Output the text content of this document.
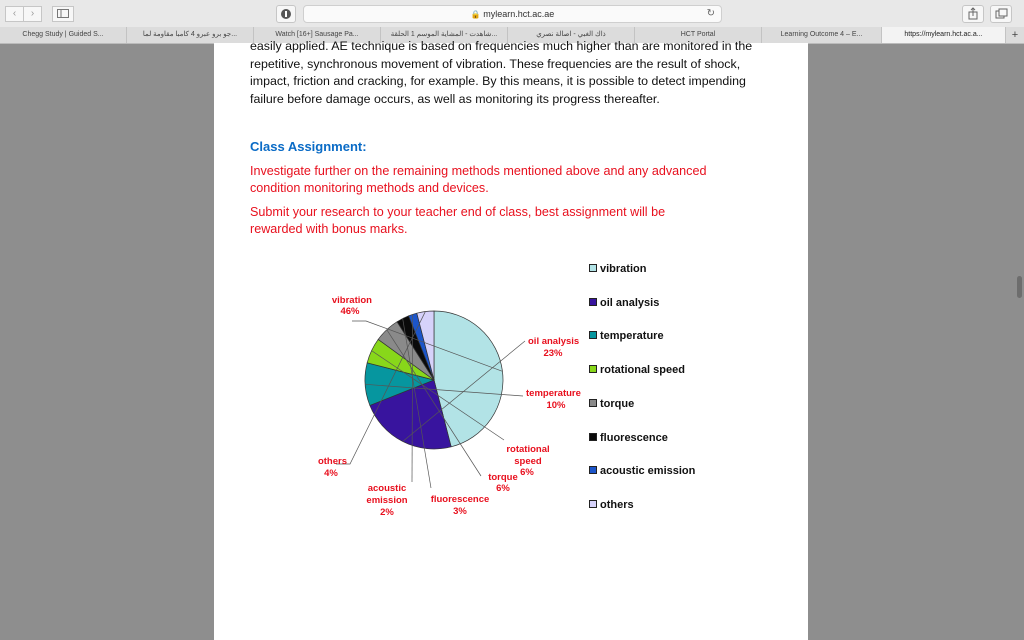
‹	›	🔒 mylearn.hct.ac.ae	↻
Chegg Study | Guided S...	جو برو عبرو 4 كامبا مقاومة لما...	Watch [16+] Sausage Pa...	شاهدت - المشاية الموسم 1 الحلقة...	ذاك الغبي - اصالة نصري	HCT Portal	Learning Outcome 4 – E...	https://mylearn.hct.ac.a...	+
easily applied. AE technique is based on frequencies much higher than are monitored in the
repetitive, synchronous movement of vibration. These frequencies are the result of shock,
impact, friction and cracking, for example. By this means, it is possible to detect impending
failure before damage occurs, as well as monitoring its progress thereafter.
Class Assignment:
Investigate further on the remaining methods mentioned above and any advanced
condition monitoring methods and devices.
Submit your research to your teacher end of class, best assignment will be
rewarded with bonus marks.
vibration
46%
oil analysis
23%
temperature
10%
rotational speed
6%
torque
6%
fluorescence
3%
acoustic emission
2%
others
4%
vibration
oil analysis
temperature
rotational speed
torque
fluorescence
acoustic emission
others
